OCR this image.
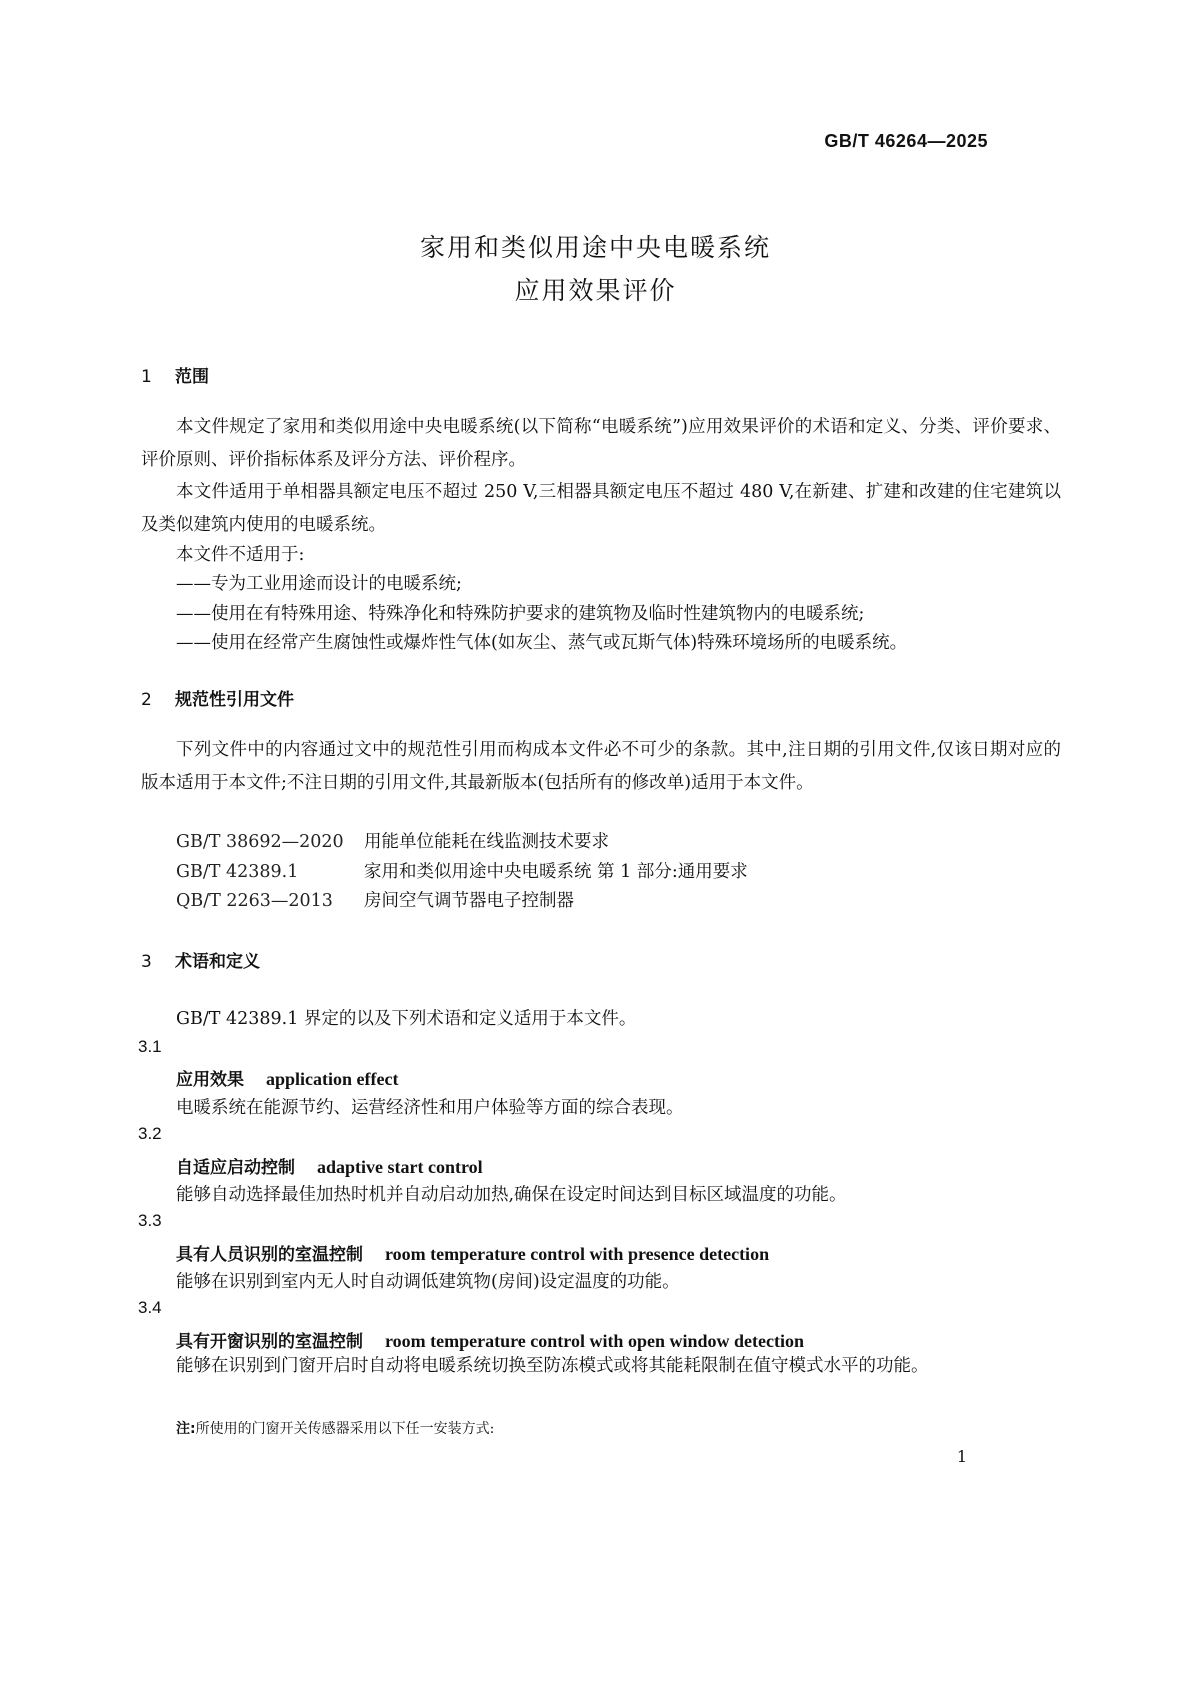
GB/T 46264—2025
家用和类似用途中央电暖系统
应用效果评价
1 范围
本文件规定了家用和类似用途中央电暖系统(以下简称“电暖系统”)应用效果评价的术语和定义、分类、评价要求、评价原则、评价指标体系及评分方法、评价程序。
本文件适用于单相器具额定电压不超过 250 V,三相器具额定电压不超过 480 V,在新建、扩建和改建的住宅建筑以及类似建筑内使用的电暖系统。
本文件不适用于:
——专为工业用途而设计的电暖系统;
——使用在有特殊用途、特殊净化和特殊防护要求的建筑物及临时性建筑物内的电暖系统;
——使用在经常产生腐蚀性或爆炸性气体(如灰尘、蒸气或瓦斯气体)特殊环境场所的电暖系统。
2 规范性引用文件
下列文件中的内容通过文中的规范性引用而构成本文件必不可少的条款。其中,注日期的引用文件,仅该日期对应的版本适用于本文件;不注日期的引用文件,其最新版本(包括所有的修改单)适用于本文件。
GB/T 38692—2020 用能单位能耗在线监测技术要求
GB/T 42389.1	家用和类似用途中央电暖系统 第 1 部分:通用要求
QB/T 2263—2013 房间空气调节器电子控制器
3 术语和定义
GB/T 42389.1 界定的以及下列术语和定义适用于本文件。
3.1
应用效果 application effect
电暖系统在能源节约、运营经济性和用户体验等方面的综合表现。
3.2
自适应启动控制 adaptive start control
能够自动选择最佳加热时机并自动启动加热,确保在设定时间达到目标区域温度的功能。
3.3
具有人员识别的室温控制 room temperature control with presence detection
能够在识别到室内无人时自动调低建筑物(房间)设定温度的功能。
3.4
具有开窗识别的室温控制 room temperature control with open window detection
能够在识别到门窗开启时自动将电暖系统切换至防冻模式或将其能耗限制在值守模式水平的功能。
注:所使用的门窗开关传感器采用以下任一安装方式:
1
